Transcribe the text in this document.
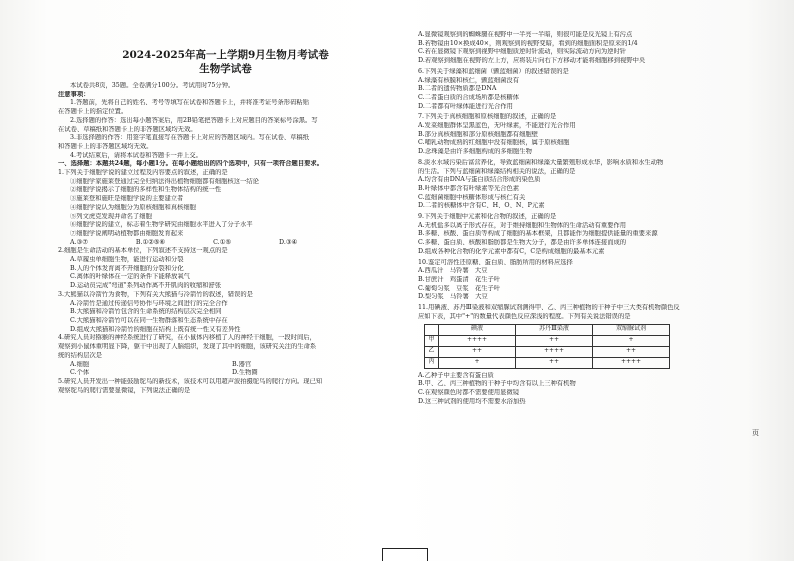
2024-2025年高一上学期9月生物月考试卷
生物学试卷
本试卷共8页，35题。全卷满分100分。考试用时75分钟。
注意事项：
1.答题前，先将自己的姓名、考号等填写在试卷和答题卡上，并将准考证号条形码粘贴
在答题卡上的指定位置。
2.选择题的作答：选出每小题答案后，用2B铅笔把答题卡上对应题目的答案标号涂黑。写
在试卷、草稿纸和答题卡上的非答题区域均无效。
3.非选择题的作答：用签字笔直接写在答题卡上对应的答题区域内。写在试卷、草稿纸
和答题卡上的非答题区域均无效。
4.考试结束后，请将本试卷和答题卡一并上交。
一、选择题：本题共24题，每小题1分。在每小题给出的四个选项中，只有一项符合题目要求。
1.下列关于细胞学说的建立过程及内容要点的叙述，正确的是
①细胞学家施莱登通过完全归纳法得出植物细胞都有细胞核这一结论
②细胞学说揭示了细胞的多样性和生物体结构的统一性
③施莱登和施旺是细胞学说的主要建立者
④细胞学说认为细胞分为原核细胞和真核细胞
⑤列文虎克发现并命名了细胞
⑥细胞学说的建立，标志着生物学研究由细胞水平进入了分子水平
⑦细胞学说阐明动植物都由细胞发育起来
A.③⑦	B.①②⑤⑥	C.①⑤	D.③④
2.细胞是生命活动的基本单位，下列叙述不支持这一观点的是
A.草履虫单细胞生物，能进行运动和分裂
B.人的个体发育离不开细胞的分裂和分化
C.离体的叶绿体在一定的条件下能释放氧气
D.运动员完成"弯道"系列动作离不开肌肉的收缩和舒张
3.大熊猫以冷箭竹为食物，下列有关大熊猫与冷箭竹的叙述，错误的是
A.冷箭竹是通过传递信号协作与环境之间进行的完全合作
B.大熊猫和冷箭竹包含的生命系统的结构层次完全相同
C.大熊猫和冷箭竹可以在同一生物群落和生态系统中存在
D.组成大熊猫和冷箭竹的细胞在结构上既有统一性又有差异性
4.研究人员对猕猴的神经系统进行了研究，在小鼠体内移植了人的神经干细胞，一段时间后，
观察到小鼠体重明显下降，躯干中出现了人脑组织，发现了其中的细胞，该研究关注的生命系
统的结构层次是
A.细胞	B.器官
C.个体	D.生物圈
5.研究人员开发出一种能鼓励鸵鸟的新技术，该技术可以用超声波拍摄鸵鸟的爬行方向。现已知
观察鸵鸟的爬行需要显微镜，下列说法正确的是
A.显微镜观察到的蜘蛛腿在视野中一半亮一半暗，则很可能是反光镜上有污点
B.若物镜由10×换成40×，则观察到的视野变暗，看到的细胞面积是原来的1/4
C.若在显微镜下观察到视野中细胞质逆时针流动，则实际流动方向为逆时针
D.若观察到细胞在视野的左上方，应将装片向右下方移动才能将细胞移到视野中央
6.下列关于绿藻和蓝细菌（颤蓝细菌）的叙述错误的是
A.绿藻有核膜和核仁，颤蓝细菌没有
B.二者的遗传物质都是DNA
C.二者蛋白质的合成场所都是核糖体
D.二者都有叶绿体能进行光合作用
7.下列关于真核细胞和原核细胞的叙述，正确的是
A.发菜细胞群体呈黑蓝色，无叶绿素，不能进行光合作用
B.部分真核细胞和部分原核细胞都有细胞壁
C.哺乳动物成熟的红细胞中没有细胞核，属于原核细胞
D.念珠藻是由许多细胞构成的多细胞生物
8.淡水水域污染后富营养化，导致蓝细菌和绿藻大量繁殖形成水华，影响水质和水生动物
的生活。下列与蓝细菌和绿藻结构相关的说法，正确的是
A.均含有由DNA与蛋白质结合形成的染色质
B.叶绿体中都含有叶绿素等光合色素
C.蓝细菌细胞中核糖体形成与核仁有关
D.二者的核糖体中含有C、H、O、N、P元素
9.下列关于细胞中元素和化合物的叙述，正确的是
A.无机盐多以离子形式存在，对于维持细胞和生物体的生命活动有重要作用
B.多糖、核酸、蛋白质等构成了细胞的基本框架，且都能作为细胞提供能量的重要来源
C.多糖、蛋白质、核酸和脂肪都是生物大分子，都是由许多单体连接而成的
D.组成各种化合物的化学元素中都有C，C是构成细胞的最基本元素
10.鉴定可溶性还原糖、蛋白质、脂肪所用的材料应选择
A.西瓜汁　马铃薯　大豆
B.甘蔗汁　鸡蛋清　花生子叶
C.葡萄匀浆　豆浆　花生子叶
D.梨匀浆　马铃薯　大豆
11.用碘液、苏丹Ⅲ染液和双缩脲试剂测得甲、乙、丙三种植物的干种子中三大类有机物颜色反
应如下表，其中"+"的数量代表颜色反应深浅的程度。下列有关说法错误的是
	碘液	苏丹Ⅲ染液	双缩脲试剂
甲	++++	++	+
乙	++	++++	++
丙	+	++	++++
A.乙种子中主要含有蛋白质
B.甲、乙、丙三种植物的干种子中均含有以上三种有机物
C.在观察颜色时都不需要使用显微镜
D.这三种试剂的使用均不需要水浴加热
页
